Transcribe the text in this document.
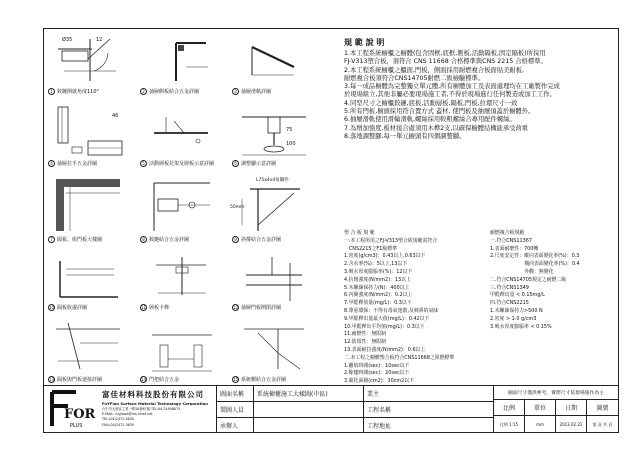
Ø35	12
1 鉸鏈開啟角度110°	2 抽屜側板結合五金詳圖	3 抽屜滑軌詳圖
46
4 抽屜拉手五金詳圖	5 活動層板托架及層板示意詳圖
75
100
6 調整腳示意詳圖
7 隔板、組門板大樣圖	8 鉸鏈結合五金詳圖
L75x4x4角鋼件
50mm
9 斜撐結合五金詳圖
10 隔板收邊詳圖	11 層板卡榫	12 抽屜門板開閉詳圖
13 隔板與門板連接詳圖	14 門把結合五金	15 系統櫃結合五金詳圖
規 範 說 明
1.本工程系統櫥櫃之櫥體(包含固框,底框,側板,活動隔板,固定隔板)所採用
FJ-V313塑合板，須符合 CNS 11668 合格標準與CNS 2215 合格標準。
2.本工程系統櫥櫃之櫃面,門板，側面採用耐燃複合板面貼美耐板,
耐燃複合板須符合CNS14705耐燃二級檢驗標準。
3.每一成品櫥體為完整獨立單元體,所有櫥體加工及表面處理均在工廠製作完成
於現場組立,其他非屬必要現場施工者,不得於現場進行任何製造或加工工作。
4.同型尺寸之櫥櫃鉸鏈,底板,活動層板,隔板,門板,拉環尺寸一致
5.所有門板,櫥頭採用符合置方式 蓋材, 使門板及抽屜頂蓋於櫥體外。
6.抽屜滑軌使用滑輪滑軌,螺絲採用較粗螺絲合專用配件螺絲。
7.為增加強度,板材接合處須用木榫2支,以確保櫥體結構能承受荷重
8.落地調整腳,每一單元櫥頭有四個調整腳。
塑 合 板 規 範
一.本工程所用之FJ-V313塑合板規範需符合
　CNS2215之F1級標準
1.密度(g/cm3)：0.43以上,0.63以下
2.含水率(%)：5以上,13以下
3.吸水厚度膨脹率(%)：12以下
4.抗彎強度(N/mm2)：13以上
5.木螺絲保持力(N)：400以上
6.內聚強度(N/mm2)：0.2以上
7.甲醛釋放量(mg/L)：0.3以下
8.尊重環保：不得有毒氣逸散,及刺鼻的氣味
9.甲醛釋出量最大值(mg/L)：0.42以下
10.甲醛釋出平均值(mg/L)：0.3以下
11.耐燃性：無限制
12.防霉性：無限制
13.表面耐拉強度(N/mm2)：0.6以上
二.本工程之櫥體塑合板符合CNS11668之阻燃標準
1.離焰時間(sec)：10sec以下
2.餘燼時間(sec)：20sec以下
3.碳化面積(cm2)：30cm2以下
耐燃複合板規範
一.符合CNS11367
1.表面耐磨性：700轉
2.尺度安定性：縱向表面變化率(%)：0.3
　　　　　　　橫向表面變化率(%)：0.4
　　　　　　　外觀：無變化
二.符合CNS14705規定之耐燃二級
三.符合CNS1349
甲醛釋出量 < 0.15mg/L
四.符合CNS2215
1.木螺絲保持力>500 N
2.密度 > 1.0 g/cm3
3.吸水厚度膨脹率 < 0.15%
FOR
PLUS
富佳材料科技股份有限公司
FuYFian Surface Material Technology Corporation
台中市大里區工業一路50巷67號 TEL:04-24956075
E-MAIL: fuyjiawt@ms.hinet.net
TEL:(04)2472-3630
FAX:(04)2472-3639
圖面名稱	系統櫥櫃施工大樣圖(中區)
製圖人員
承辦人
業主
工程名稱
工程地址
圖面尺寸僅供參考，實際尺寸依現場施作為主
比例	單位	日期	圖號
比例 1:15	mm	2013.02.22	第 頁 共 頁
